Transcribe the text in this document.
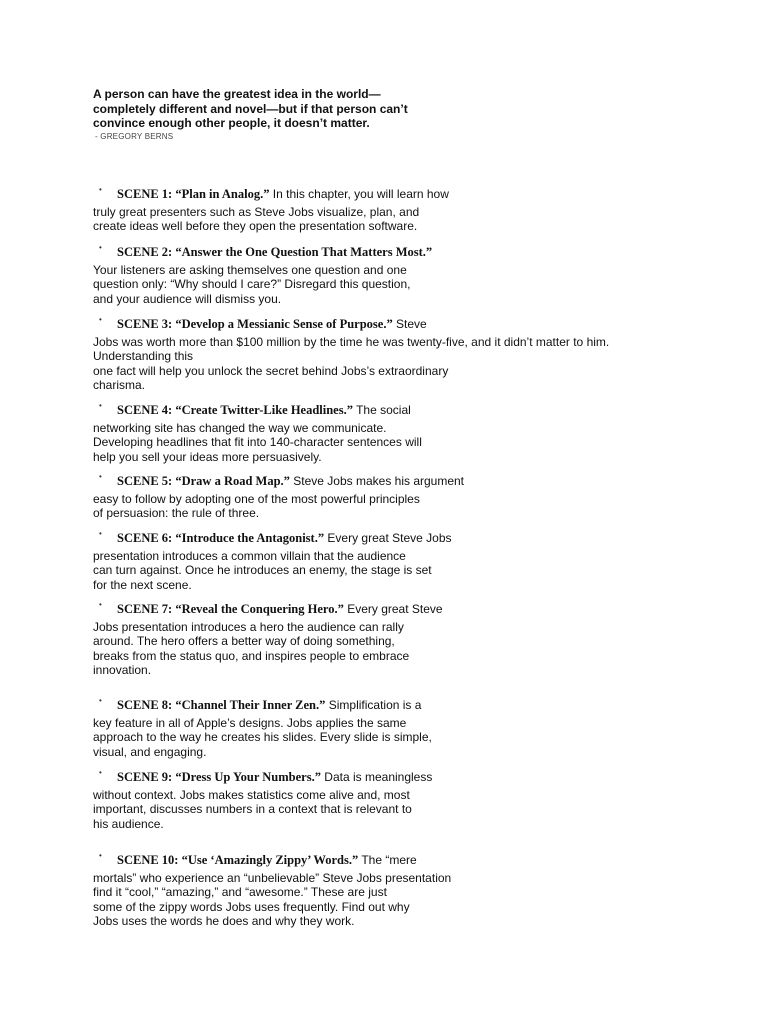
A person can have the greatest idea in the world—

completely different and novel—but if that person can’t

convince enough other people, it doesn’t matter.

- GREGORY BERNS

• SCENE 1: “Plan in Analog.” In this chapter, you will learn how

truly great presenters such as Steve Jobs visualize, plan, and

create ideas well before they open the presentation software.

• SCENE 2: “Answer the One Question That Matters Most.”

Your listeners are asking themselves one question and one

question only: “Why should I care?” Disregard this question,

and your audience will dismiss you.

• SCENE 3: “Develop a Messianic Sense of Purpose.” Steve

Jobs was worth more than $100 million by the time he was twenty-five, and it didn’t matter to him.

Understanding this

one fact will help you unlock the secret behind Jobs’s extraordinary

charisma.

• SCENE 4: “Create Twitter-Like Headlines.” The social

networking site has changed the way we communicate.

Developing headlines that fit into 140-character sentences will

help you sell your ideas more persuasively.

• SCENE 5: “Draw a Road Map.” Steve Jobs makes his argument

easy to follow by adopting one of the most powerful principles

of persuasion: the rule of three.

• SCENE 6: “Introduce the Antagonist.” Every great Steve Jobs

presentation introduces a common villain that the audience

can turn against. Once he introduces an enemy, the stage is set

for the next scene.

• SCENE 7: “Reveal the Conquering Hero.” Every great Steve

Jobs presentation introduces a hero the audience can rally

around. The hero offers a better way of doing something,

breaks from the status quo, and inspires people to embrace

innovation.

• SCENE 8: “Channel Their Inner Zen.” Simplification is a

key feature in all of Apple’s designs. Jobs applies the same

approach to the way he creates his slides. Every slide is simple,

visual, and engaging.

• SCENE 9: “Dress Up Your Numbers.” Data is meaningless

without context. Jobs makes statistics come alive and, most

important, discusses numbers in a context that is relevant to

his audience.

• SCENE 10: “Use ‘Amazingly Zippy’ Words.” The “mere

mortals” who experience an “unbelievable” Steve Jobs presentation

find it “cool,” “amazing,” and “awesome.” These are just

some of the zippy words Jobs uses frequently. Find out why

Jobs uses the words he does and why they work.
